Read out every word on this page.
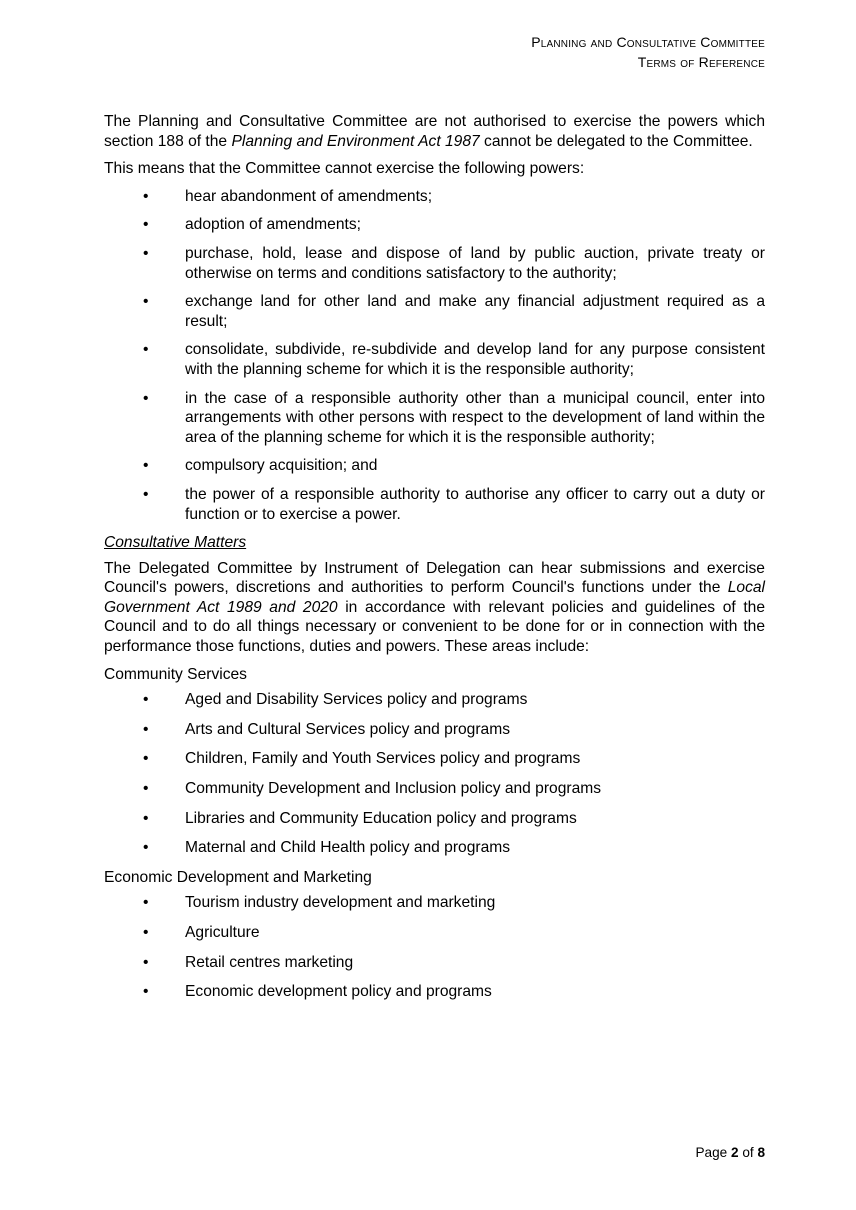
Planning and Consultative Committee
Terms of Reference

The Planning and Consultative Committee are not authorised to exercise the powers which section 188 of the Planning and Environment Act 1987 cannot be delegated to the Committee.

This means that the Committee cannot exercise the following powers:

• hear abandonment of amendments;
• adoption of amendments;
• purchase, hold, lease and dispose of land by public auction, private treaty or otherwise on terms and conditions satisfactory to the authority;
• exchange land for other land and make any financial adjustment required as a result;
• consolidate, subdivide, re-subdivide and develop land for any purpose consistent with the planning scheme for which it is the responsible authority;
• in the case of a responsible authority other than a municipal council, enter into arrangements with other persons with respect to the development of land within the area of the planning scheme for which it is the responsible authority;
• compulsory acquisition; and
• the power of a responsible authority to authorise any officer to carry out a duty or function or to exercise a power.

Consultative Matters

The Delegated Committee by Instrument of Delegation can hear submissions and exercise Council's powers, discretions and authorities to perform Council's functions under the Local Government Act 1989 and 2020 in accordance with relevant policies and guidelines of the Council and to do all things necessary or convenient to be done for or in connection with the performance those functions, duties and powers. These areas include:

Community Services

• Aged and Disability Services policy and programs
• Arts and Cultural Services policy and programs
• Children, Family and Youth Services policy and programs
• Community Development and Inclusion policy and programs
• Libraries and Community Education policy and programs
• Maternal and Child Health policy and programs

Economic Development and Marketing

• Tourism industry development and marketing
• Agriculture
• Retail centres marketing
• Economic development policy and programs
Page 2 of 8
